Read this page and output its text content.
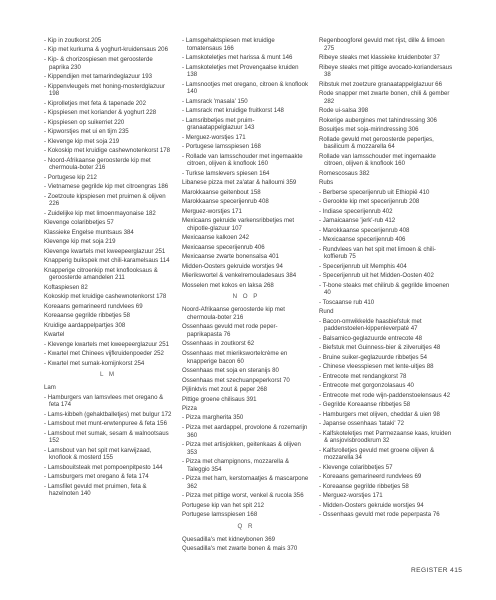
- Kip in zoutkorst 205
- Kip met kurkuma & yoghurt-kruidensaus 206
- Kip- & chorizospiesen met geroosterde paprika 230
- Kippendijen met tamarindeglazuur 193
- Kippenvleugels met honing-mosterdglazuur 198
- Kiprolletjes met feta & tapenade 202
- Kipspiesen met koriander & yoghurt 228
- Kipspiesen op suikerriet 220
- Kipworstjes met ui en tijm 235
- Klevenge kip met soja 219
- Kokoskip met kruidige cashewnotenkorst 178
- Noord-Afrikaanse geroosterde kip met chermoula-boter 216
- Portugese kip 212
- Vietnamese gegrilde kip met citroengras 186
- Zoetzoute kipspiesen met pruimen & olijven 226
- Zuidelijke kip met limoenmayonaise 182
Klevenge colaribbetjes 57
Klassieke Engelse muntsaus 384
Klevenge kip met soja 219
Klevenge kwartels met kweepeerglazuur 251
Knapperig buikspek met chili-karamelsaus 114
Knapperige citroenkip met knoflooksaus & geroosterde amandelen 211
Koftaspiesen 82
Kokoskip met kruidige cashewnotenkorst 178
Koreaans gemarineerd rundvlees 69
Koreaanse gegrilde ribbetjes 58
Kruidige aardappelpartjes 308
Kwartel
- Klevenge kwartels met kweepeerglazuur 251
- Kwartel met Chinees vijfkruidenpoeder 252
- Kwartel met sumak-komijnkorst 254
L M
Lam
- Hamburgers van lamsvlees met oregano & feta 174
- Lams-kibbeh (gehaktballetjes) met bulgur 172
- Lamsbout met munt-erwtenpuree & feta 156
- Lamsbout met sumak, sesam & walnootsaus 152
- Lamsbout van het spit met karwijzaad, knoflook & mosterd 155
- Lamsbouitsteak met pompoenpitpesto 144
- Lamsburgers met oregano & feta 174
- Lamsfilet gevuld met pruimen, feta & hazelnoten 140
- Lamsgehaktspiesen met kruidige tomatensaus 166
- Lamskoteletjes met harissa & munt 146
- Lamskoteletjes met Provençaalse kruiden 138
- Lamsnootjes met oregano, citroen & knoflook 140
- Lamsrack 'masala' 150
- Lamsrack met kruidige fruitkorst 148
- Lamsribbetjes met pruim-granaatappelglazuur 143
- Merguez-worstjes 171
- Portugese lamsspiesen 168
- Rollade van lamsschouder met ingemaakte citroen, olijven & knoflook 160
- Turkse lamslevers spiesen 164
Libanese pizza met za'atar & halloumi 359
Marokkaanse geitenbout 158
Marokkaanse specerijenrub 408
Merguez-worstjes 171
Mexicaans gekruide varkensribbetjes met chipotle-glazuur 107
Mexicaanse kalkoen 242
Mexicaanse specerijenrub 406
Mexicaanse zwarte bonensalsa 401
Midden-Oosters gekruide worstjes 94
Mierikswortel & venkelremouladesaus 384
Mosselen met kokos en laksa 268
N O P
Noord-Afrikaanse geroosterde kip met chermoula-boter 216
Ossenhaas gevuld met rode peper-paprikapasta 76
Ossenhaas in zoutkorst 62
Ossenhaas met mierikswortelcrème en knapperige bacon 60
Ossenhaas met soja en steranijs 80
Ossenhaas met szechuanpeperkorst 70
Pijlinktvis met zout & peper 268
Pittige groene chilisaus 391
Pizza
- Pizza margherita 350
- Pizza met aardappel, provolone & rozemarijn 360
- Pizza met artisjokken, geitenkaas & olijven 353
- Pizza met champignons, mozzarella & Taleggio 354
- Pizza met ham, kerstomaatjes & mascarpone 362
- Pizza met pittige worst, venkel & rucola 356
Portugese kip van het spit 212
Portugese lamsspiesen 168
Q R
Quesadilla's met kidneybonen 369
Quesadilla's met zwarte bonen & mais 370
Regenboogforel gevuld met rijst, dille & limoen 275
Ribeye steaks met klassieke kruidenboter 37
Ribeye steaks met pittige avocado-koriandersaus 38
Ribstuk met zoetzure granaatappelglazuur 66
Rode snapper met zwarte bonen, chili & gember 282
Rode ui-salsa 398
Rokerige aubergines met tahindressing 306
Bosuitjes met soja-mirindressing 306
Rollade gevuld met geroosterde pepertjes, basilicum & mozzarella 64
Rollade van lamsschouder met ingemaakte citroen, olijven & knoflook 160
Romescosaus 382
Rubs
- Berberse specerijenrub uit Ethiopië 410
- Gerookte kip met specerijenrub 208
- Indiase specerijenrub 402
- Jamaicaanse 'jerk'-rub 412
- Marokkaanse specerijenrub 408
- Mexicaanse specerijenrub 406
- Rundvlees van het spit met limoen & chili-koffierub 75
- Specerijenrub uit Memphis 404
- Specerijenrub uit het Midden-Oosten 402
- T-bone steaks met chilirub & gegrilde limoenen 40
- Toscaanse rub 410
Rund
- Bacon-omwikkelde haasbiefstuk met paddenstoelen-kippenleverpaté 47
- Balsamico-geglazuurde entrecote 48
- Biefstuk met Guinness-bier & zilveruitjes 48
- Bruine suiker-geglazuurde ribbetjes 54
- Chinese vleesspiesen met lente-uitjes 88
- Entrecote met rendangkorst 78
- Entrecote met gorgonzolasaus 40
- Entrecote met rode wijn-paddenstoelensaus 42
- Gegrilde Koreaanse ribbetjes 58
- Hamburgers met olijven, cheddar & uien 98
- Japanse ossenhaas 'tataki' 72
- Kalfskoteletjes met Parmezaanse kaas, kruiden & ansjovisbroodkrum 32
- Kalfsrolletjes gevuld met groene olijven & mozzarella 34
- Klevenge colaribbetjes 57
- Koreaans gemarineerd rundvlees 69
- Koreaanse gegrilde ribbetjes 58
- Merguez-worstjes 171
- Midden-Oosters gekruide worstjes 94
- Ossenhaas gevuld met rode peperpasta 76
REGISTER 415
